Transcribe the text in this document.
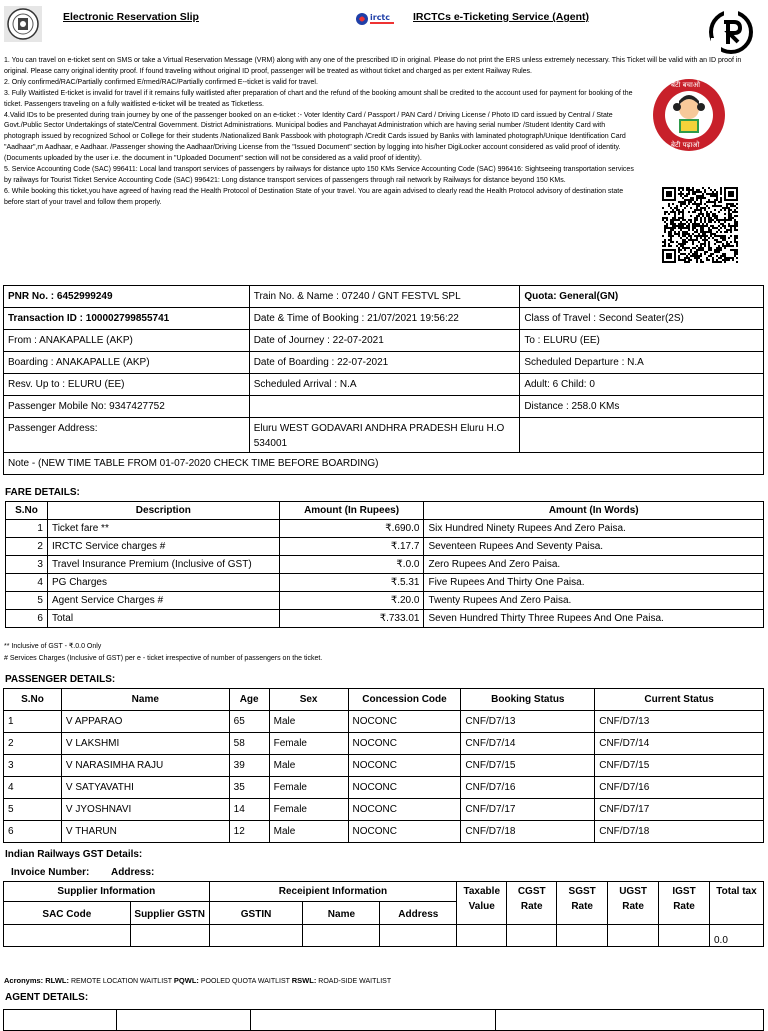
Electronic Reservation Slip	irctc IRCTCs e-Ticketing Service (Agent)

1. You can travel on e-ticket sent on SMS or take a Virtual Reservation Message (VRM) along with any one of the prescribed ID in original. Please do not print the ERS unless extremely necessary. This Ticket will be valid with an ID proof in original. Please carry original identity proof. If found traveling without original ID proof, passenger will be treated as without ticket and charged as per extent Railway Rules.

2. Only confirmed/RAC/Partially confirmed E/rmed/RAC/Partially confirmed E--ticket is valid for travel.

3. Fully Waitlisted E-ticket is invalid for travel if it remains fully waitlisted after preparation of chart and the refund of the booking amount shall be credited to the account used for payment for booking of the ticket. Passengers traveling on a fully waitlisted e-ticket will be treated as Ticketless.

4.Valid IDs to be presented during train journey by one of the passenger booked on an e-ticket :- Voter Identity Card / Passport / PAN Card / Driving License / Photo ID card issued by Central / State Govt./Public Sector Undertakings of state/Central Government. District Administrations. Municipal bodies and Panchayat Administration which are having serial number /Student Identity Card with photograph issued by recognized School or College for their students /Nationalized Bank Passbook with photograph /Credit Cards issued by Banks with laminated photograph/Unique Identification Card "Aadhaar",m Aadhaar, e Aadhaar. /Passenger showing the Aadhaar/Driving License from the "Issued Document" section by logging into his/her DigiLocker account considered as valid proof of identity. (Documents uploaded by the user i.e. the document in "Uploaded Document" section will not be considered as a valid proof of identity).

5. Service Accounting Code (SAC) 996411: Local land transport services of passengers by railways for distance upto 150 KMs Service Accounting Code (SAC) 996416: Sightseeing transportation services by railways for Tourist Ticket Service Accounting Code (SAC) 996421: Long distance transport services of passengers through rail network by Railways for distance beyond 150 KMs.

6. While booking this ticket,you have agreed of having read the Health Protocol of Destination State of your travel. You are again advised to clearly read the Health Protocol advisory of destination state before start of your travel and follow them properly.

बेटी बचाओ
बेटी पढ़ाओ
PNR No. : 6452999249	Train No. & Name : 07240 / GNT FESTVL SPL	Quota: General(GN)
Transaction ID : 100002799855741	Date & Time of Booking : 21/07/2021 19:56:22	Class of Travel : Second Seater(2S)
From : ANAKAPALLE (AKP)	Date of Journey : 22-07-2021	To : ELURU (EE)
Boarding : ANAKAPALLE (AKP)	Date of Boarding : 22-07-2021	Scheduled Departure : N.A
Resv. Up to : ELURU (EE)	Scheduled Arrival : N.A	Adult: 6 Child: 0
Passenger Mobile No: 9347427752		Distance : 258.0 KMs
Passenger Address:	Eluru WEST GODAVARI ANDHRA PRADESH Eluru H.O 534001	
Note - (NEW TIME TABLE FROM 01-07-2020 CHECK TIME BEFORE BOARDING)		
FARE DETAILS:
S.No	Description	Amount (In Rupees)	Amount (In Words)
1	Ticket fare **	₹.690.0	Six Hundred Ninety Rupees And Zero Paisa.
2	IRCTC Service charges #	₹.17.7	Seventeen Rupees And Seventy Paisa.
3	Travel Insurance Premium (Inclusive of GST)	₹.0.0	Zero Rupees And Zero Paisa.
4	PG Charges	₹.5.31	Five Rupees And Thirty One Paisa.
5	Agent Service Charges #	₹.20.0	Twenty Rupees And Zero Paisa.
6	Total	₹.733.01	Seven Hundred Thirty Three Rupees And One Paisa.
** Inclusive of GST - ₹.0.0 Only
# Services Charges (Inclusive of GST) per e - ticket irrespective of number of passengers on the ticket.
PASSENGER DETAILS:
S.No	Name	Age	Sex	Concession Code	Booking Status	Current Status
1	V APPARAO	65	Male	NOCONC	CNF/D7/13	CNF/D7/13
2	V LAKSHMI	58	Female	NOCONC	CNF/D7/14	CNF/D7/14
3	V NARASIMHA RAJU	39	Male	NOCONC	CNF/D7/15	CNF/D7/15
4	V SATYAVATHI	35	Female	NOCONC	CNF/D7/16	CNF/D7/16
5	V JYOSHNAVI	14	Female	NOCONC	CNF/D7/17	CNF/D7/17
6	V THARUN	12	Male	NOCONC	CNF/D7/18	CNF/D7/18
Indian Railways GST Details:
Invoice Number: Address:
Supplier Information		Receipient Information			Taxable Value	CGST Rate	SGST Rate	UGST Rate	IGST Rate	Total tax
SAC Code	Supplier GSTN	GSTIN	Name	Address						
										0.0
Acronyms: RLWL: REMOTE LOCATION WAITLIST PQWL: POOLED QUOTA WAITLIST RSWL: ROAD-SIDE WAITLIST
AGENT DETAILS:
